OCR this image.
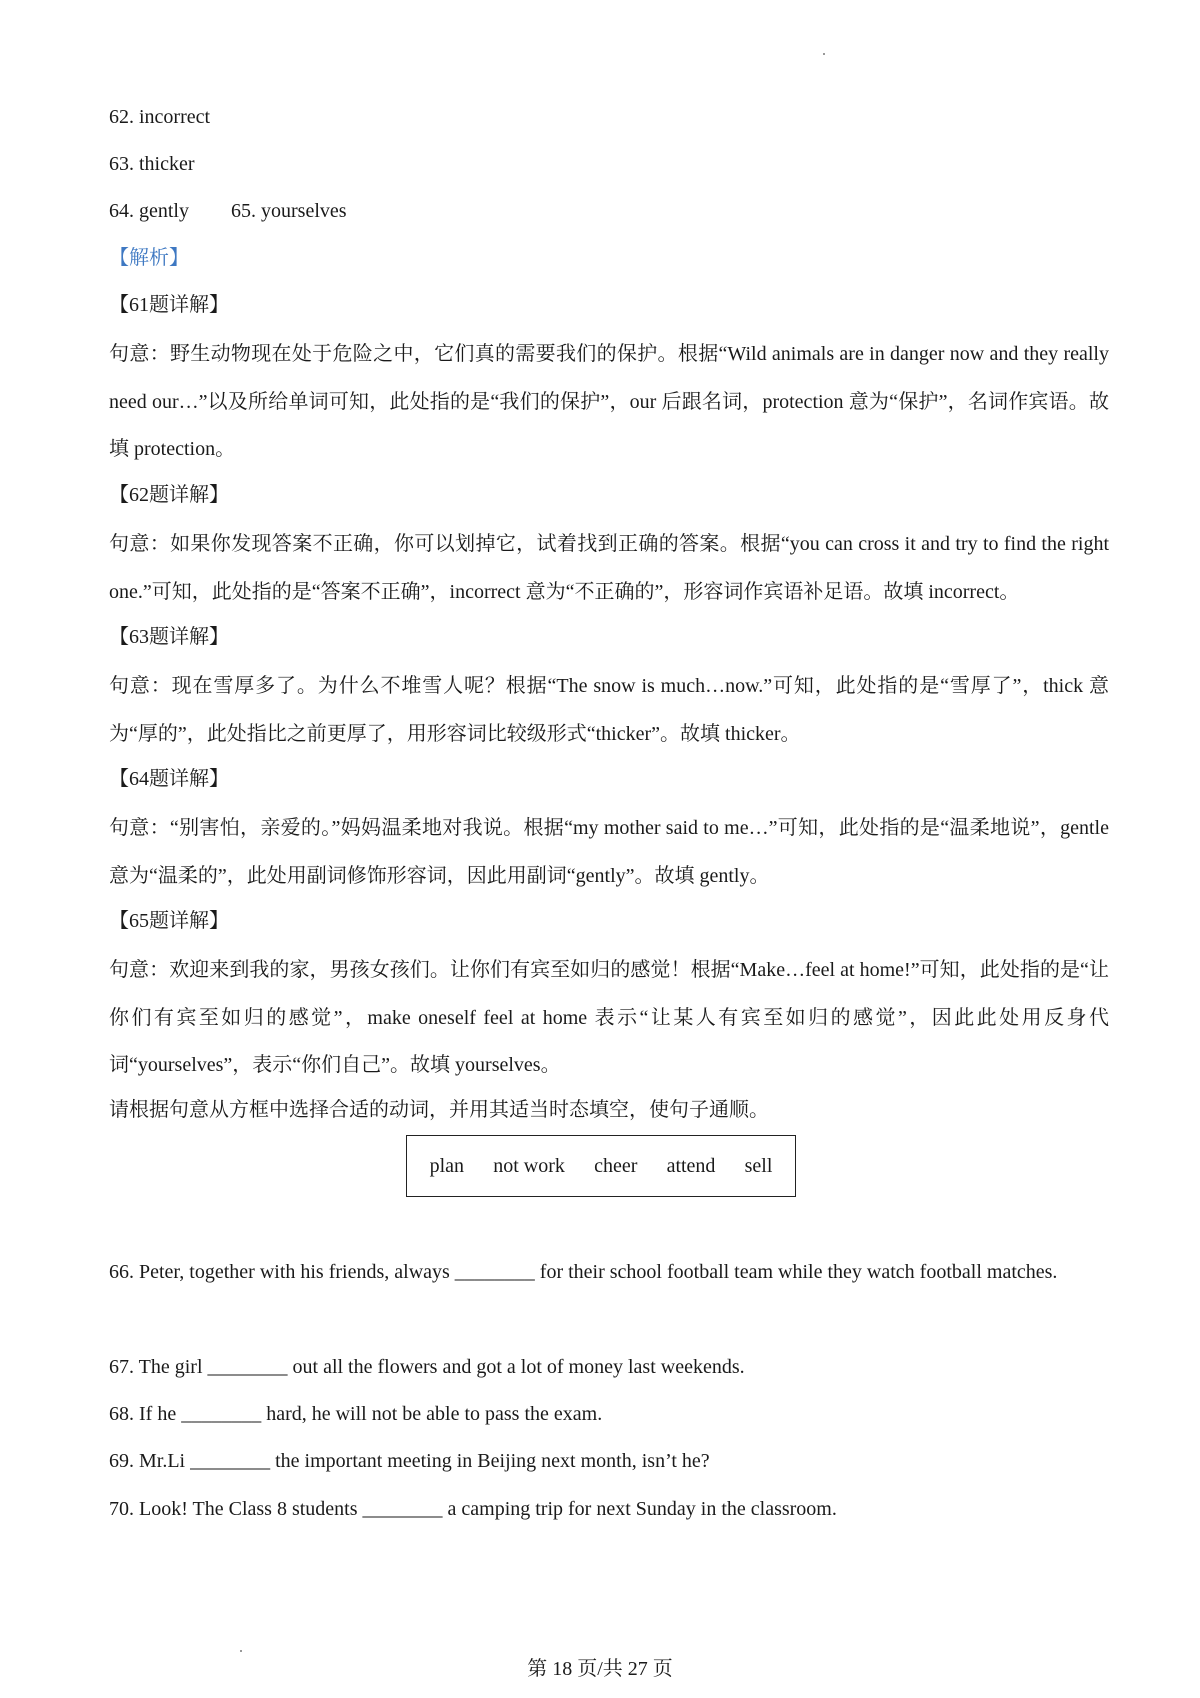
62. incorrect
63. thicker
64. gently 65. yourselves
【解析】
【61题详解】
句意：野生动物现在处于危险之中，它们真的需要我们的保护。根据“Wild animals are in danger now and they really need our…”以及所给单词可知，此处指的是“我们的保护”，our 后跟名词，protection 意为“保护”，名词作宾语。故填 protection。
【62题详解】
句意：如果你发现答案不正确，你可以划掉它，试着找到正确的答案。根据“you can cross it and try to find the right one.”可知，此处指的是“答案不正确”，incorrect 意为“不正确的”，形容词作宾语补足语。故填 incorrect。
【63题详解】
句意：现在雪厚多了。为什么不堆雪人呢？根据“The snow is much…now.”可知，此处指的是“雪厚了”，thick 意为“厚的”，此处指比之前更厚了，用形容词比较级形式“thicker”。故填 thicker。
【64题详解】
句意：“别害怕，亲爱的。”妈妈温柔地对我说。根据“my mother said to me…”可知，此处指的是“温柔地说”，gentle 意为“温柔的”，此处用副词修饰形容词，因此用副词“gently”。故填 gently。
【65题详解】
句意：欢迎来到我的家，男孩女孩们。让你们有宾至如归的感觉！根据“Make…feel at home!”可知，此处指的是“让你们有宾至如归的感觉”，make oneself feel at home 表示“让某人有宾至如归的感觉”，因此此处用反身代词“yourselves”，表示“你们自己”。故填 yourselves。
请根据句意从方框中选择合适的动词，并用其适当时态填空，使句子通顺。
plan not work cheer attend sell
66. Peter, together with his friends, always ________ for their school football team while they watch football matches.
67. The girl ________ out all the flowers and got a lot of money last weekends.
68. If he ________ hard, he will not be able to pass the exam.
69. Mr.Li ________ the important meeting in Beijing next month, isn’t he?
70. Look! The Class 8 students ________ a camping trip for next Sunday in the classroom.
第 18 页/共 27 页
